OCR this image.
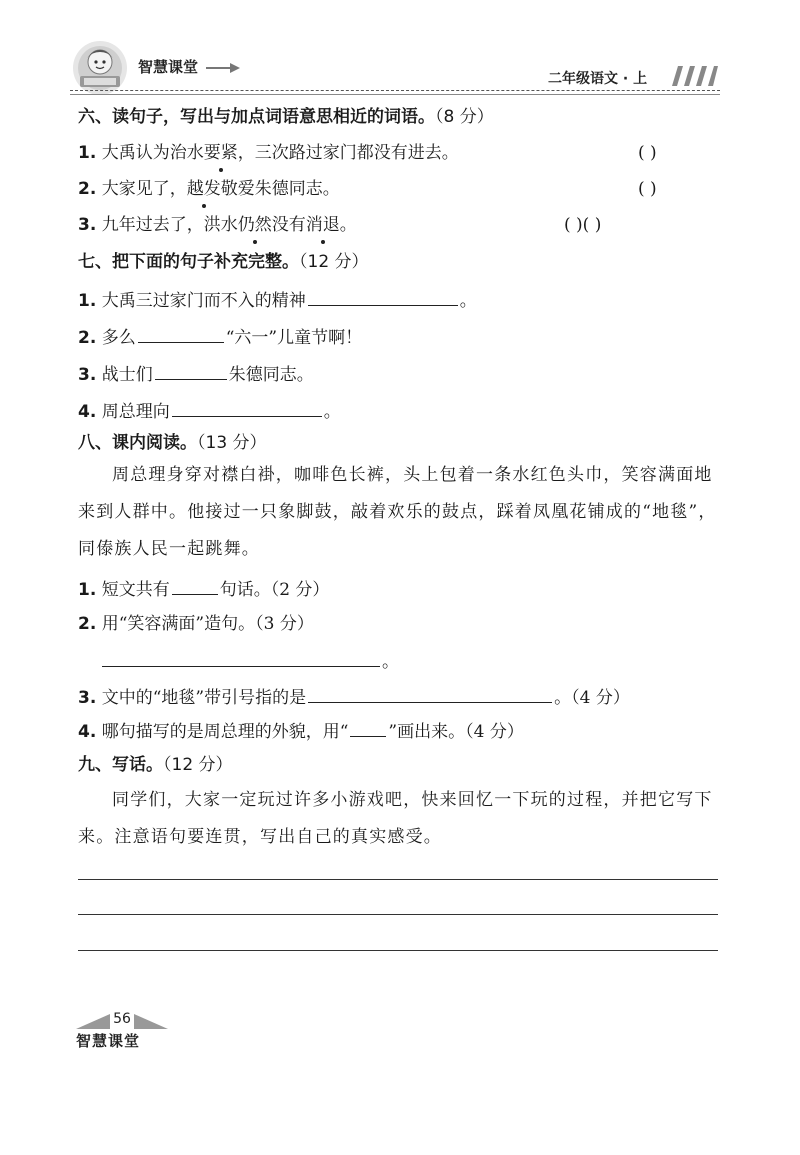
智慧课堂
二年级语文 · 上
六、读句子，写出与加点词语意思相近的词语。（8 分）
1. 大禹认为治水要紧，三次路过家门都没有进去。	( )
2. 大家见了，越发敬爱朱德同志。	( )
3. 九年过去了，洪水仍然没有消退。	( )( )
七、把下面的句子补充完整。（12 分）
1. 大禹三过家门而不入的精神	。
2. 多么	“六一”儿童节啊！
3. 战士们	朱德同志。
4. 周总理向	。
八、课内阅读。（13 分）
周总理身穿对襟白褂，咖啡色长裤，头上包着一条水红色头巾，笑容满面地来到人群中。他接过一只象脚鼓，敲着欢乐的鼓点，踩着凤凰花铺成的“地毯”，同傣族人民一起跳舞。
1. 短文共有	句话。（2 分）
2. 用“笑容满面”造句。（3 分）
。
3. 文中的“地毯”带引号指的是	。（4 分）
4. 哪句描写的是周总理的外貌，用“ ”画出来。（4 分）
九、写话。（12 分）
同学们，大家一定玩过许多小游戏吧，快来回忆一下玩的过程，并把它写下来。注意语句要连贯，写出自己的真实感受。
56
智慧课堂
